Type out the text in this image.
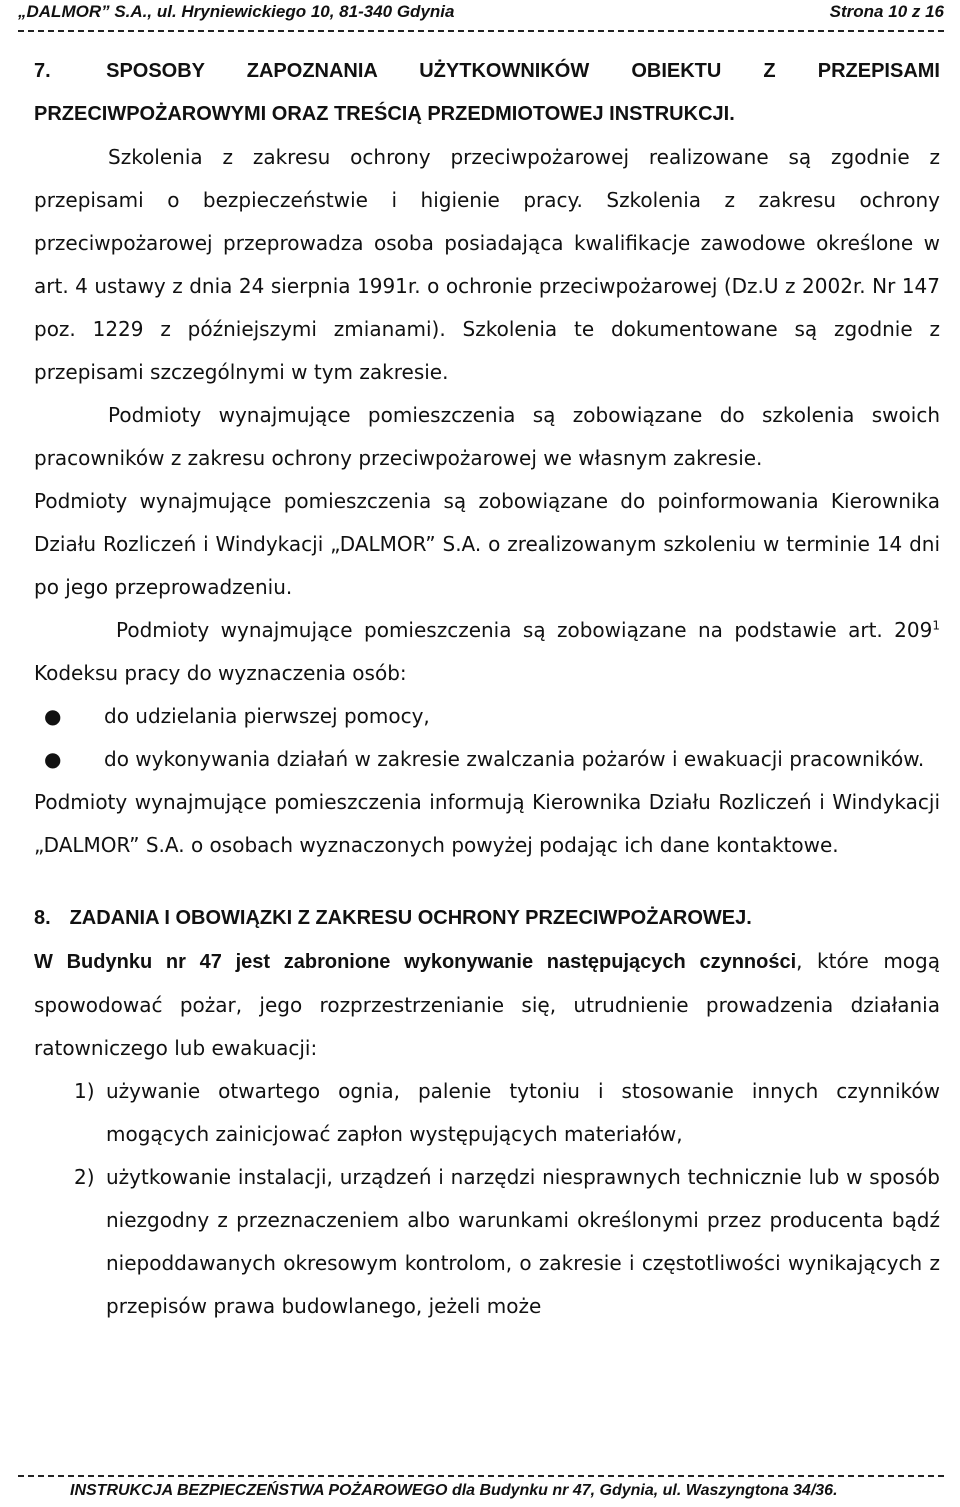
„DALMOR” S.A., ul. Hryniewickiego 10, 81-340 Gdynia	Strona 10 z 16

7.	SPOSOBY ZAPOZNANIA UŻYTKOWNIKÓW OBIEKTU Z PRZEPISAMI PRZECIWPOŻAROWYMI ORAZ TREŚCIĄ PRZEDMIOTOWEJ INSTRUKCJI.

Szkolenia z zakresu ochrony przeciwpożarowej realizowane są zgodnie z przepisami o bezpieczeństwie i higienie pracy. Szkolenia z zakresu ochrony przeciwpożarowej przeprowadza osoba posiadająca kwalifikacje zawodowe określone w art. 4 ustawy z dnia 24 sierpnia 1991r. o ochronie przeciwpożarowej (Dz.U z 2002r. Nr 147 poz. 1229 z późniejszymi zmianami). Szkolenia te dokumentowane są zgodnie z przepisami szczególnymi w tym zakresie.

Podmioty wynajmujące pomieszczenia są zobowiązane do szkolenia swoich pracowników z zakresu ochrony przeciwpożarowej we własnym zakresie.

Podmioty wynajmujące pomieszczenia są zobowiązane do poinformowania Kierownika Działu Rozliczeń i Windykacji „DALMOR” S.A. o zrealizowanym szkoleniu w terminie 14 dni po jego przeprowadzeniu.

Podmioty wynajmujące pomieszczenia są zobowiązane na podstawie art. $209^1$ Kodeksu pracy do wyznaczenia osób:

● do udzielania pierwszej pomocy,
● do wykonywania działań w zakresie zwalczania pożarów i ewakuacji pracowników.

Podmioty wynajmujące pomieszczenia informują Kierownika Działu Rozliczeń i Windykacji „DALMOR” S.A. o osobach wyznaczonych powyżej podając ich dane kontaktowe.

8. ZADANIA I OBOWIĄZKI Z ZAKRESU OCHRONY PRZECIWPOŻAROWEJ.

W Budynku nr 47 jest zabronione wykonywanie następujących czynności, które mogą spowodować pożar, jego rozprzestrzenianie się, utrudnienie prowadzenia działania ratowniczego lub ewakuacji:

1) używanie otwartego ognia, palenie tytoniu i stosowanie innych czynników mogących zainicjować zapłon występujących materiałów,
2) użytkowanie instalacji, urządzeń i narzędzi niesprawnych technicznie lub w sposób niezgodny z przeznaczeniem albo warunkami określonymi przez producenta bądź niepoddawanych okresowym kontrolom, o zakresie i częstotliwości wynikających z przepisów prawa budowlanego, jeżeli może
INSTRUKCJA BEZPIECZEŃSTWA POŻAROWEGO dla Budynku nr 47, Gdynia, ul. Waszyngtona 34/36.
